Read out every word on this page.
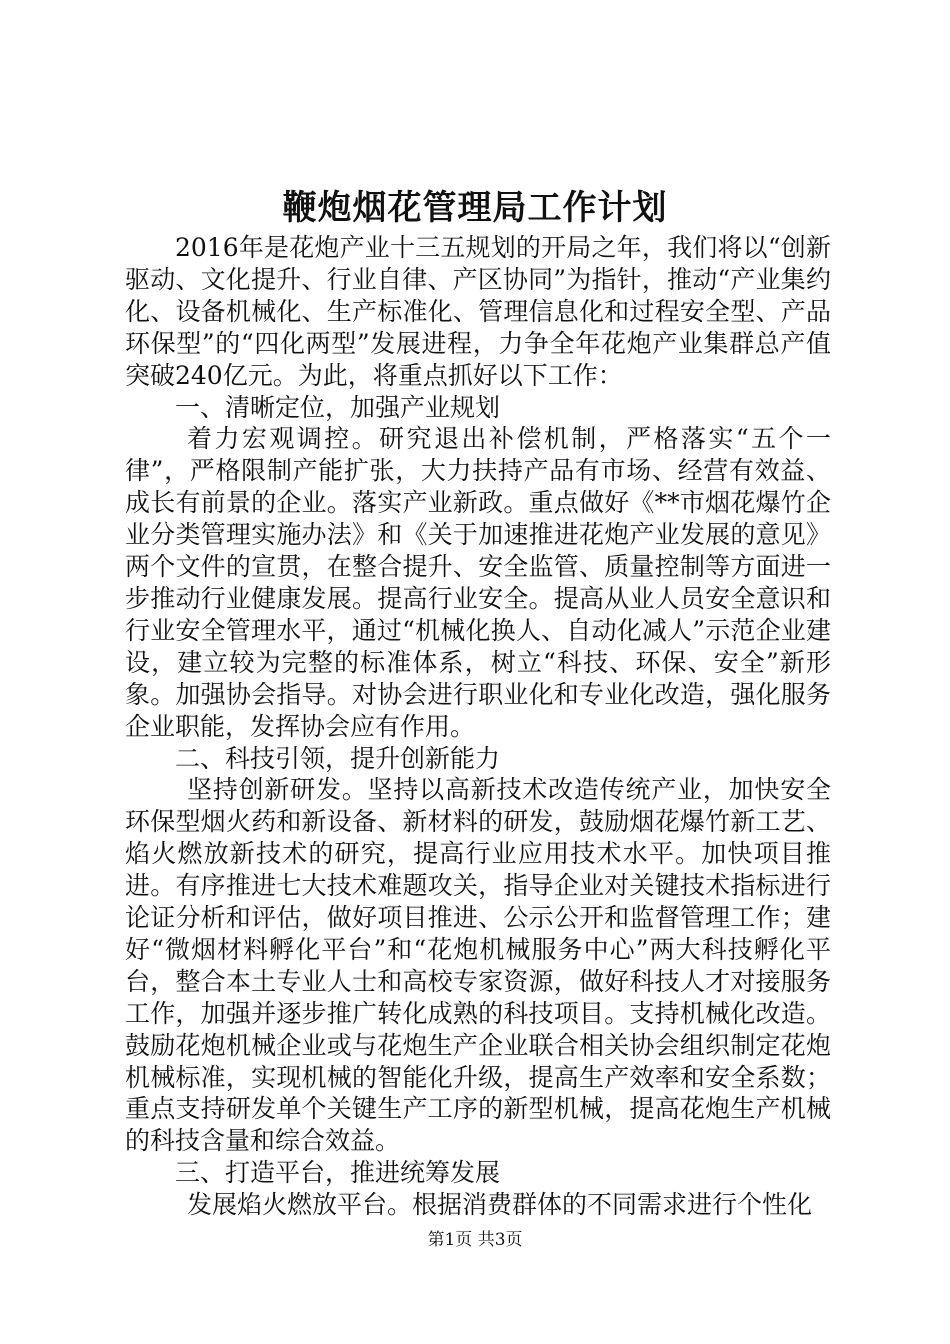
鞭炮烟花管理局工作计划

2016年是花炮产业十三五规划的开局之年，我们将以“创新驱动、文化提升、行业自律、产区协同”为指针，推动“产业集约化、设备机械化、生产标准化、管理信息化和过程安全型、产品环保型”的“四化两型”发展进程，力争全年花炮产业集群总产值突破240亿元。为此，将重点抓好以下工作：

一、清晰定位，加强产业规划

着力宏观调控。研究退出补偿机制，严格落实“五个一律”，严格限制产能扩张，大力扶持产品有市场、经营有效益、成长有前景的企业。落实产业新政。重点做好《**市烟花爆竹企业分类管理实施办法》和《关于加速推进花炮产业发展的意见》两个文件的宣贯，在整合提升、安全监管、质量控制等方面进一步推动行业健康发展。提高行业安全。提高从业人员安全意识和行业安全管理水平，通过“机械化换人、自动化减人”示范企业建设，建立较为完整的标准体系，树立“科技、环保、安全”新形象。加强协会指导。对协会进行职业化和专业化改造，强化服务企业职能，发挥协会应有作用。

二、科技引领，提升创新能力

坚持创新研发。坚持以高新技术改造传统产业，加快安全环保型烟火药和新设备、新材料的研发，鼓励烟花爆竹新工艺、焰火燃放新技术的研究，提高行业应用技术水平。加快项目推进。有序推进七大技术难题攻关，指导企业对关键技术指标进行论证分析和评估，做好项目推进、公示公开和监督管理工作；建好“微烟材料孵化平台”和“花炮机械服务中心”两大科技孵化平台，整合本土专业人士和高校专家资源，做好科技人才对接服务工作，加强并逐步推广转化成熟的科技项目。支持机械化改造。鼓励花炮机械企业或与花炮生产企业联合相关协会组织制定花炮机械标准，实现机械的智能化升级，提高生产效率和安全系数；重点支持研发单个关键生产工序的新型机械，提高花炮生产机械的科技含量和综合效益。

三、打造平台，推进统筹发展

发展焰火燃放平台。根据消费群体的不同需求进行个性化

第1页 共3页
